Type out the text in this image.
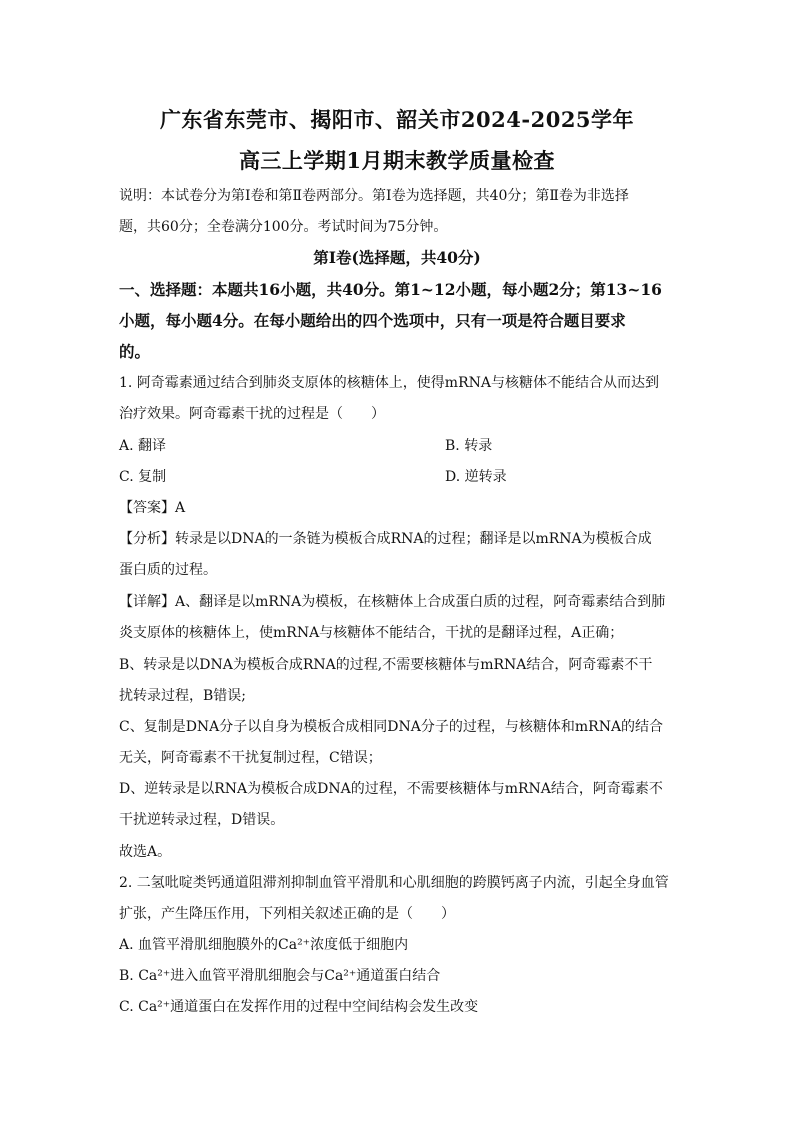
广东省东莞市、揭阳市、韶关市2024-2025学年
高三上学期1月期末教学质量检查
说明：本试卷分为第Ⅰ卷和第Ⅱ卷两部分。第Ⅰ卷为选择题，共40分；第Ⅱ卷为非选择
题，共60分；全卷满分100分。考试时间为75分钟。
第Ⅰ卷(选择题，共40分)
一、选择题：本题共16小题，共40分。第1~12小题，每小题2分；第13~16
小题，每小题4分。在每小题给出的四个选项中，只有一项是符合题目要求
的。
1. 阿奇霉素通过结合到肺炎支原体的核糖体上，使得mRNA与核糖体不能结合从而达到
治疗效果。阿奇霉素干扰的过程是（　　）
A. 翻译	B. 转录
C. 复制	D. 逆转录
【答案】A
【分析】转录是以DNA的一条链为模板合成RNA的过程；翻译是以mRNA为模板合成
蛋白质的过程。
【详解】A、翻译是以mRNA为模板，在核糖体上合成蛋白质的过程，阿奇霉素结合到肺
炎支原体的核糖体上，使mRNA与核糖体不能结合，干扰的是翻译过程，A正确；
B、转录是以DNA为模板合成RNA的过程,不需要核糖体与mRNA结合，阿奇霉素不干
扰转录过程，B错误;
C、复制是DNA分子以自身为模板合成相同DNA分子的过程，与核糖体和mRNA的结合
无关，阿奇霉素不干扰复制过程，C错误；
D、逆转录是以RNA为模板合成DNA的过程，不需要核糖体与mRNA结合，阿奇霉素不
干扰逆转录过程，D错误。
故选A。
2. 二氢吡啶类钙通道阻滞剂抑制血管平滑肌和心肌细胞的跨膜钙离子内流，引起全身血管
扩张，产生降压作用，下列相关叙述正确的是（　　）
A. 血管平滑肌细胞膜外的Ca²⁺浓度低于细胞内
B. Ca²⁺进入血管平滑肌细胞会与Ca²⁺通道蛋白结合
C. Ca²⁺通道蛋白在发挥作用的过程中空间结构会发生改变
